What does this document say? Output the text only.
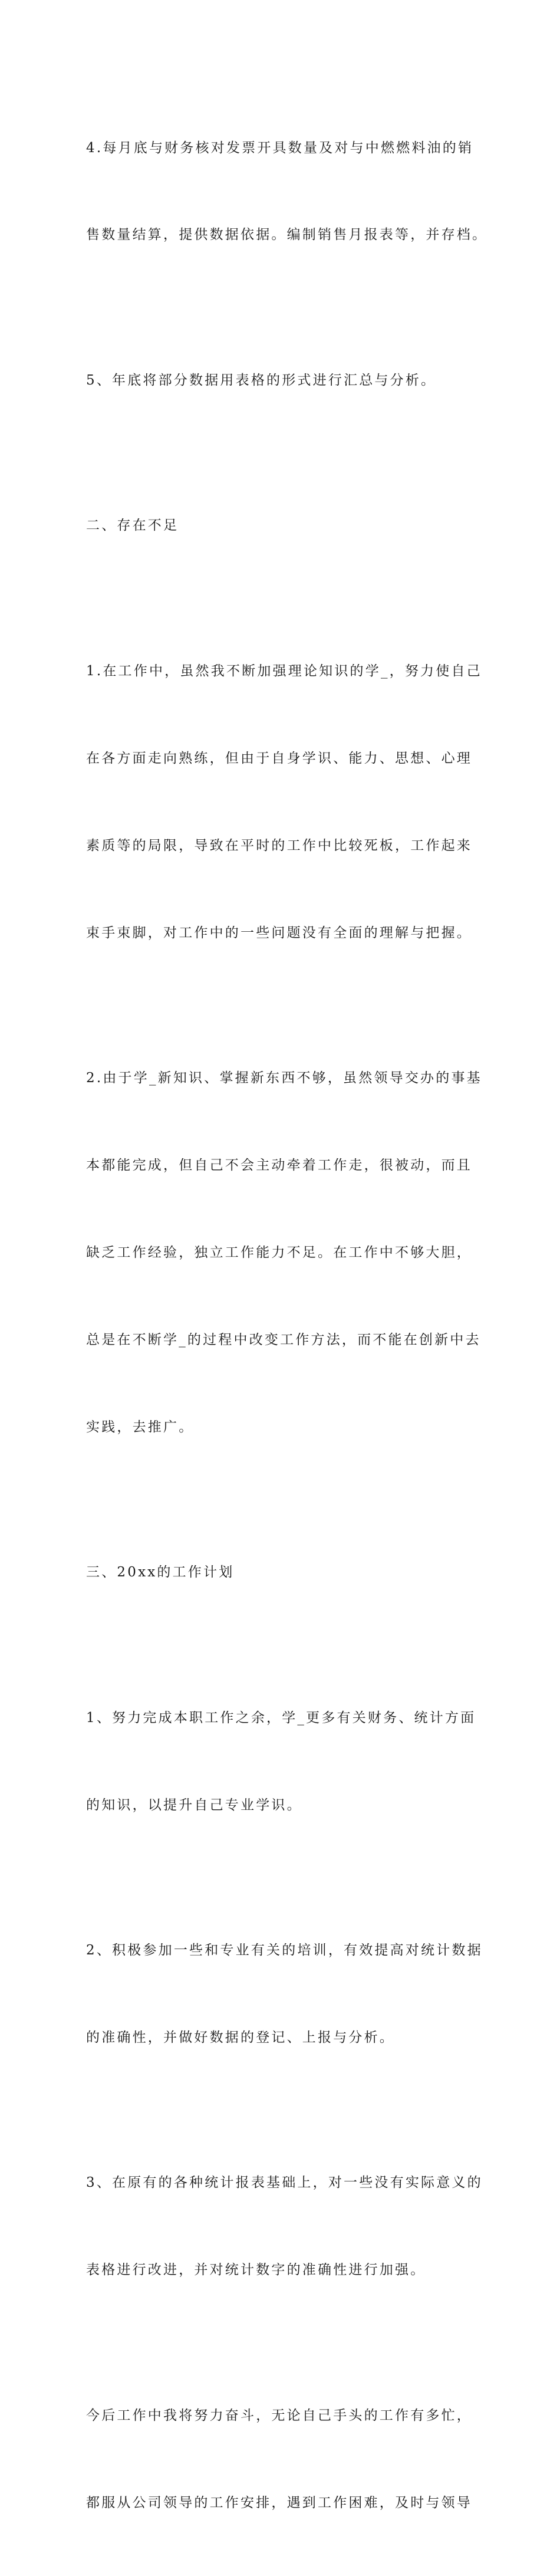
4.每月底与财务核对发票开具数量及对与中燃燃料油的销

售数量结算，提供数据依据。编制销售月报表等，并存档。

5、年底将部分数据用表格的形式进行汇总与分析。

二、存在不足

1.在工作中，虽然我不断加强理论知识的学_，努力使自己

在各方面走向熟练，但由于自身学识、能力、思想、心理

素质等的局限，导致在平时的工作中比较死板，工作起来

束手束脚，对工作中的一些问题没有全面的理解与把握。

2.由于学_新知识、掌握新东西不够，虽然领导交办的事基

本都能完成，但自己不会主动牵着工作走，很被动，而且

缺乏工作经验，独立工作能力不足。在工作中不够大胆，

总是在不断学_的过程中改变工作方法，而不能在创新中去

实践，去推广。

三、20xx的工作计划

1、努力完成本职工作之余，学_更多有关财务、统计方面

的知识，以提升自己专业学识。

2、积极参加一些和专业有关的培训，有效提高对统计数据

的准确性，并做好数据的登记、上报与分析。

3、在原有的各种统计报表基础上，对一些没有实际意义的

表格进行改进，并对统计数字的准确性进行加强。

今后工作中我将努力奋斗，无论自己手头的工作有多忙，

都服从公司领导的工作安排，遇到工作困难，及时与领导
